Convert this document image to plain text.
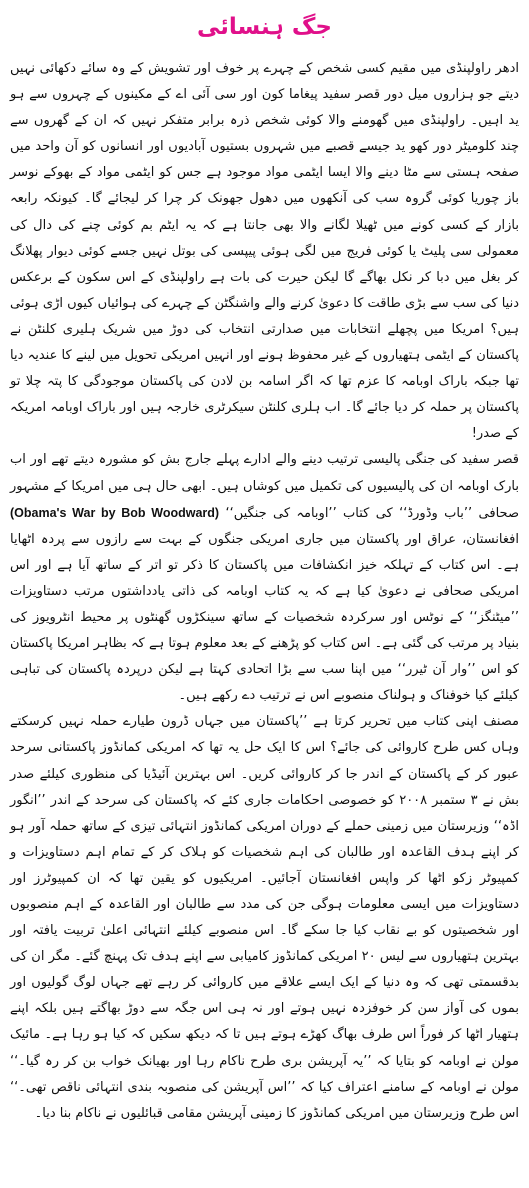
جگ ہنسائی

ادھر راولپنڈی میں مقیم کسی شخص کے چہرے پر خوف اور تشویش کے وہ سائے دکھائی نہیں دیتے جو ہزاروں میل دور قصر سفید پیغاما کون اور سی آئی اے کے مکینوں کے چہروں سے ہو ید اہیں۔ راولپنڈی میں گھومنے والا کوئی شخص ذرہ برابر متفکر نہیں کہ ان کے گھروں سے چند کلومیٹر دور کھو ید جیسے قصبے میں شہروں بستیوں آبادیوں اور انسانوں کو آن واحد میں صفحہ ہستی سے مٹا دینے والا ایسا ایٹمی مواد موجود ہے جس کو ایٹمی مواد کے بھوکے نوسر باز چوریا کوئی گروہ سب کی آنکھوں میں دھول جھونک کر چرا کر لیجائے گا۔ کیونکہ رابعہ بازار کے کسی کونے میں ٹھیلا لگانے والا بھی جانتا ہے کہ یہ ایٹم بم کوئی چنے کی دال کی معمولی سی پلیٹ یا کوئی فریج میں لگی ہوئی پیپسی کی بوتل نہیں جسے کوئی دیوار پھلانگ کر بغل میں دبا کر نکل بھاگے گا لیکن حیرت کی بات ہے راولپنڈی کے اس سکون کے برعکس دنیا کی سب سے بڑی طاقت کا دعویٰ کرنے والے واشنگٹن کے چہرے کی ہوائیاں کیوں اڑی ہوئی ہیں؟ امریکا میں پچھلے انتخابات میں صدارتی انتخاب کی دوڑ میں شریک ہلیری کلنٹن نے پاکستان کے ایٹمی ہتھیاروں کے غیر محفوظ ہونے اور انہیں امریکی تحویل میں لینے کا عندیہ دیا تھا جبکہ باراک اوبامہ کا عزم تھا کہ اگر اسامہ بن لادن کی پاکستان موجودگی کا پتہ چلا تو پاکستان پر حملہ کر دیا جائے گا۔ اب ہلری کلنٹن سیکرٹری خارجہ ہیں اور باراک اوبامہ امریکہ کے صدر!

قصر سفید کی جنگی پالیسی ترتیب دینے والے ادارے پہلے جارج بش کو مشورہ دیتے تھے اور اب بارک اوبامہ ان کی پالیسیوں کی تکمیل میں کوشاں ہیں۔ ابھی حال ہی میں امریکا کے مشہور صحافی ’’باب وڈورڈ‘‘ کی کتاب ’’اوبامہ کی جنگیں‘‘ (Obama's War by Bob Woodward) افغانستان، عراق اور پاکستان میں جاری امریکی جنگوں کے بہت سے رازوں سے پردہ اٹھایا ہے۔ اس کتاب کے تہلکہ خیز انکشافات میں پاکستان کا ذکر تو اتر کے ساتھ آیا ہے اور اس امریکی صحافی نے دعویٰ کیا ہے کہ یہ کتاب اوبامہ کی ذاتی یادداشتوں مرتب دستاویزات ’’میٹنگز‘‘ کے نوٹس اور سرکردہ شخصیات کے ساتھ سینکڑوں گھنٹوں پر محیط انٹرویوز کی بنیاد پر مرتب کی گئی ہے۔ اس کتاب کو پڑھنے کے بعد معلوم ہوتا ہے کہ بظاہر امریکا پاکستان کو اس ’’وار آن ٹیرر‘‘ میں اپنا سب سے بڑا اتحادی کہتا ہے لیکن درپردہ پاکستان کی تباہی کیلئے کیا خوفناک و ہولناک منصوبے اس نے ترتیب دے رکھے ہیں۔

مصنف اپنی کتاب میں تحریر کرتا ہے ’’پاکستان میں جہاں ڈرون طیارے حملہ نہیں کرسکتے وہاں کس طرح کاروائی کی جائے؟ اس کا ایک حل یہ تھا کہ امریکی کمانڈوز پاکستانی سرحد عبور کر کے پاکستان کے اندر جا کر کاروائی کریں۔ اس بہترین آئیڈیا کی منظوری کیلئے صدر بش نے ۳ ستمبر ۲۰۰۸ کو خصوصی احکامات جاری کئے کہ پاکستان کی سرحد کے اندر ’’انگور اڈہ‘‘ وزیرستان میں زمینی حملے کے دوران امریکی کمانڈوز انتہائی تیزی کے ساتھ حملہ آور ہو کر اپنے ہدف القاعدہ اور طالبان کی اہم شخصیات کو ہلاک کر کے تمام اہم دستاویزات و کمپیوٹر زکو اٹھا کر واپس افغانستان آجائیں۔ امریکیوں کو یقین تھا کہ ان کمپیوٹرز اور دستاویزات میں ایسی معلومات ہوگی جن کی مدد سے طالبان اور القاعدہ کے اہم منصوبوں اور شخصیتوں کو بے نقاب کیا جا سکے گا۔ اس منصوبے کیلئے انتہائی اعلیٰ تربیت یافتہ اور بہترین ہتھیاروں سے لیس ۲۰ امریکی کمانڈوز کامیابی سے اپنے ہدف تک پہنچ گئے۔ مگر ان کی بدقسمتی تھی کہ وہ دنیا کے ایک ایسے علاقے میں کاروائی کر رہے تھے جہاں لوگ گولیوں اور بموں کی آواز سن کر خوفزدہ نہیں ہوتے اور نہ ہی اس جگہ سے دوڑ بھاگتے ہیں بلکہ اپنے ہتھیار اٹھا کر فوراً اس طرف بھاگ کھڑے ہوتے ہیں تا کہ دیکھ سکیں کہ کیا ہو رہا ہے۔ مائیک مولن نے اوبامہ کو بتایا کہ ’’یہ آپریشن بری طرح ناکام رہا اور بھیانک خواب بن کر رہ گیا۔‘‘ مولن نے اوبامہ کے سامنے اعتراف کیا کہ ’’اس آپریشن کی منصوبہ بندی انتہائی ناقص تھی۔‘‘ اس طرح وزیرستان میں امریکی کمانڈوز کا زمینی آپریشن مقامی قبائلیوں نے ناکام بنا دیا۔
